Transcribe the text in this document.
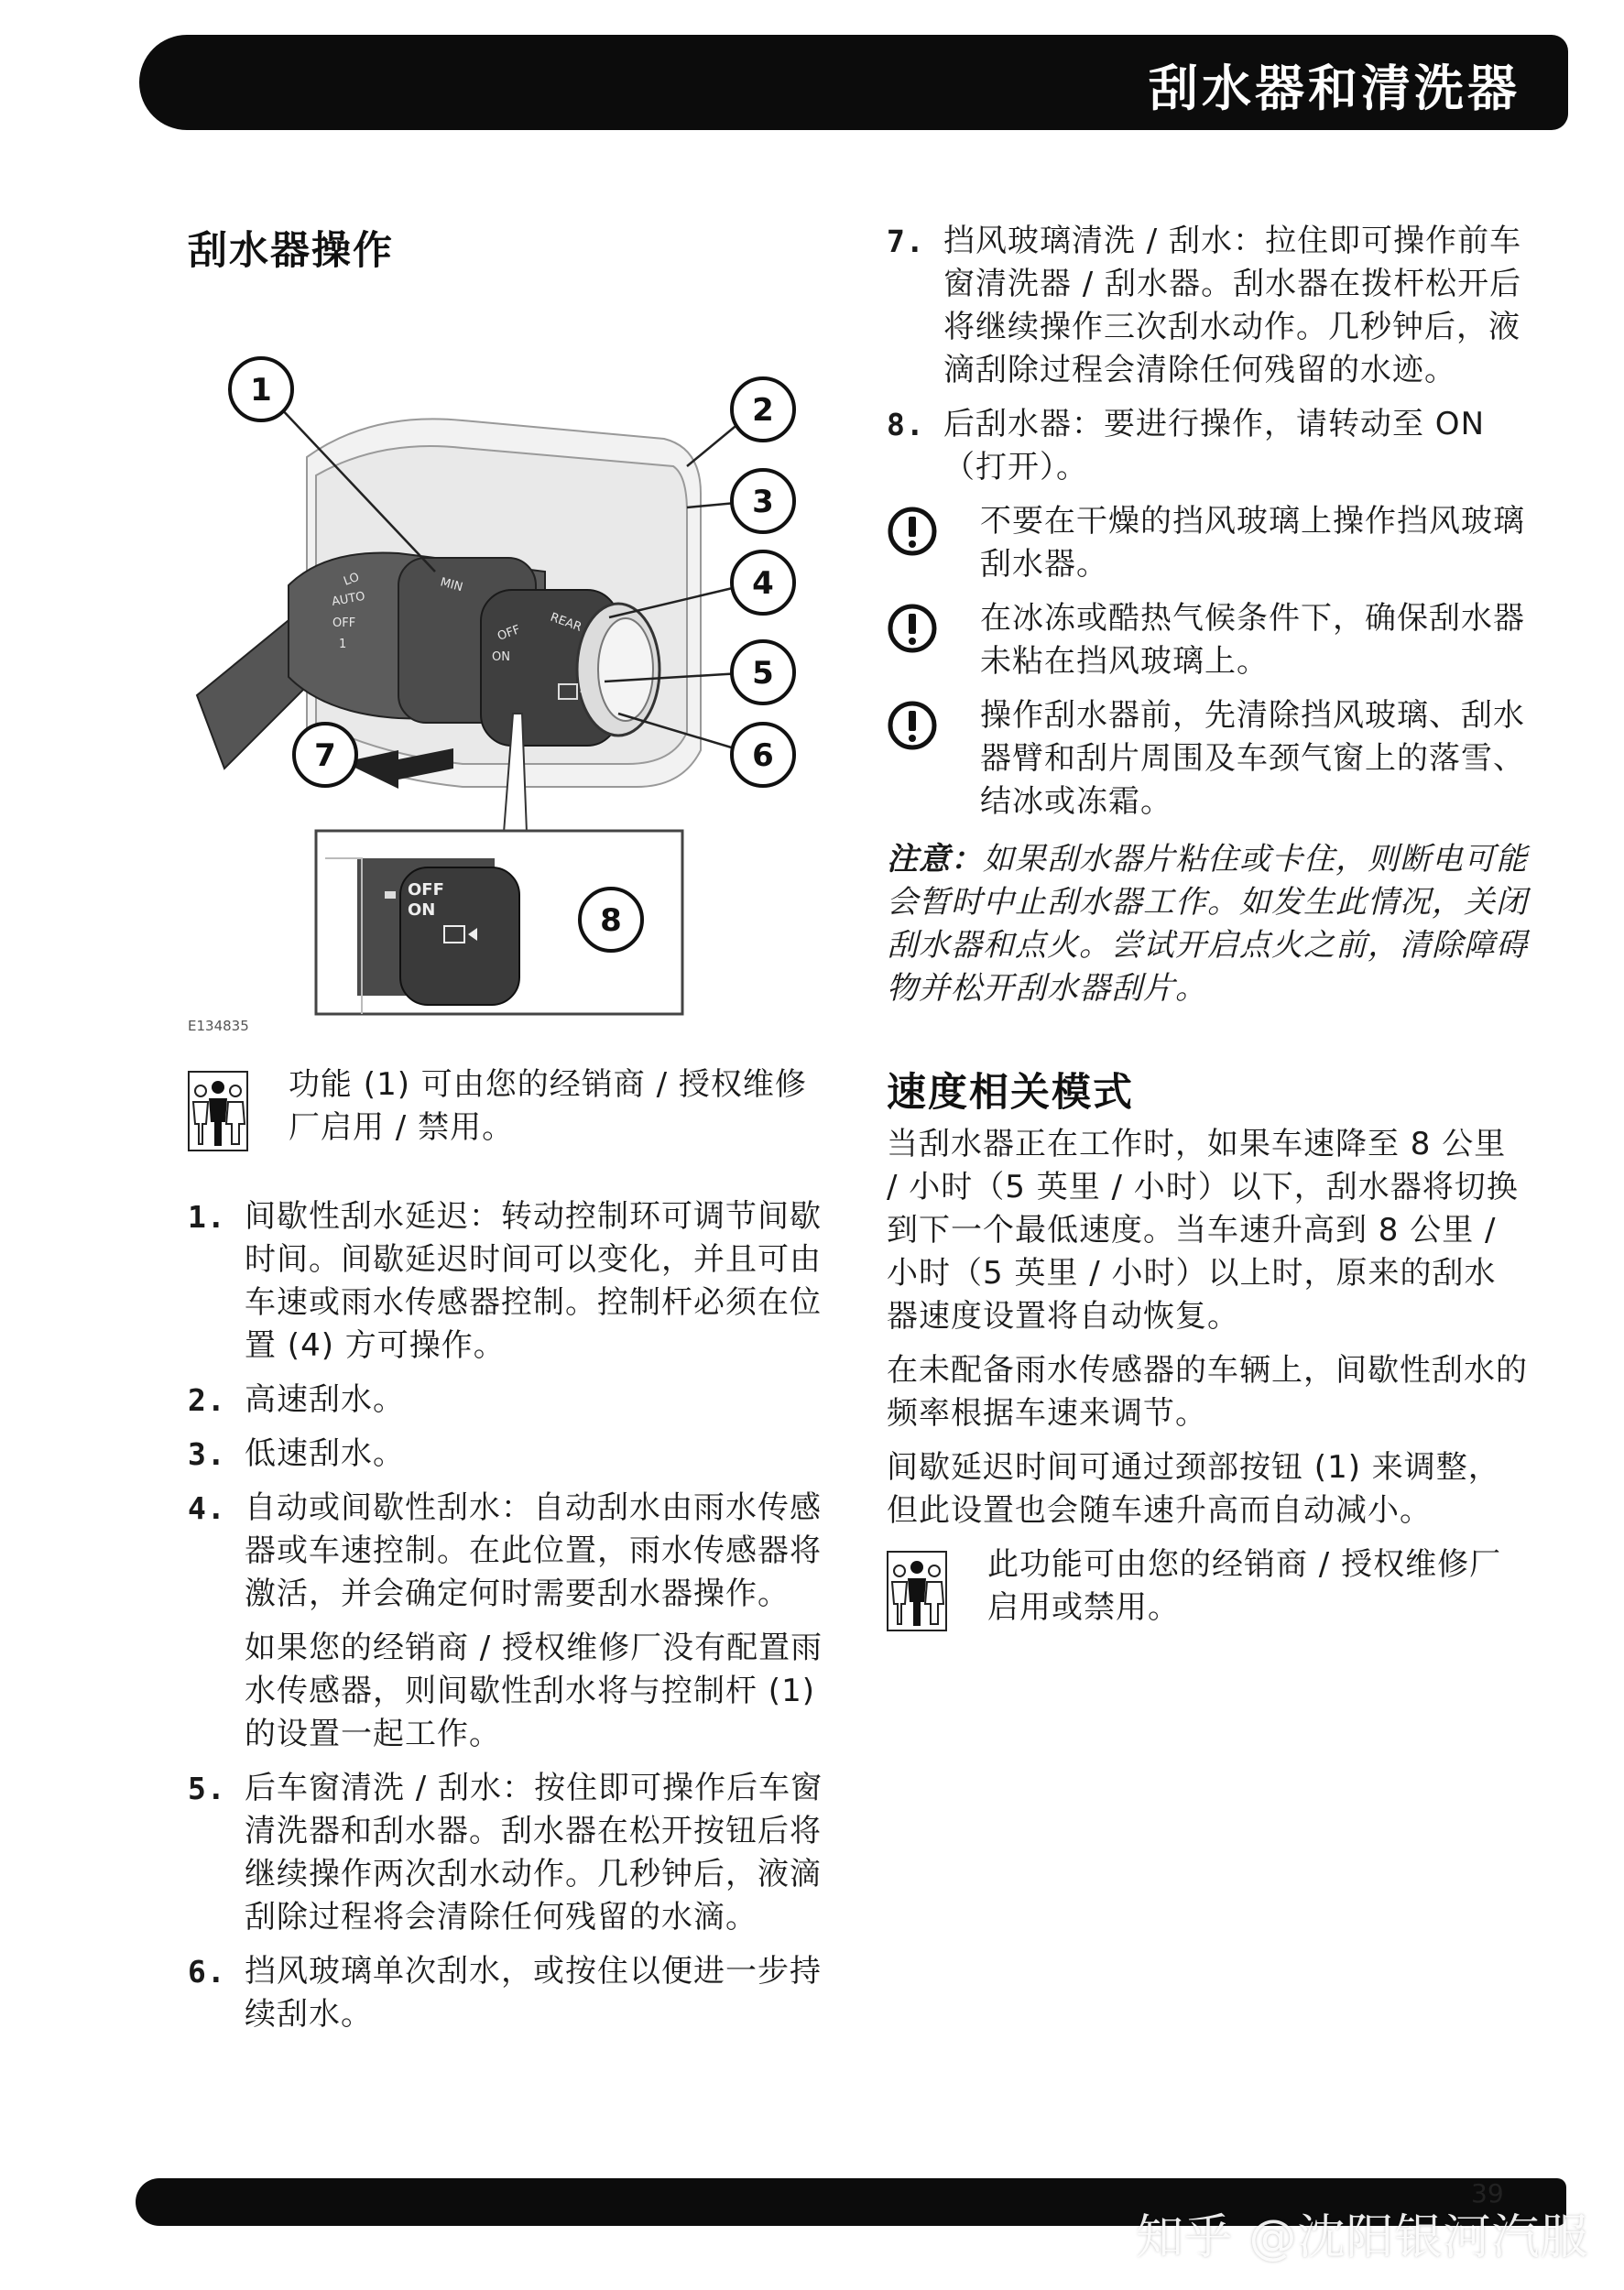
刮水器和清洗器
刮水器操作
LO
AUTO
OFF
1
MIN
OFF
ON
REAR
1
2
3
4
5
6
7
OFF
ON	8
E134835
功能 (1) 可由您的经销商 / 授权维修厂启用 / 禁用。
1. 间歇性刮水延迟：转动控制环可调节间歇时间。间歇延迟时间可以变化，并且可由车速或雨水传感器控制。控制杆必须在位置 (4) 方可操作。
2. 高速刮水。
3. 低速刮水。
4. 自动或间歇性刮水：自动刮水由雨水传感器或车速控制。在此位置，雨水传感器将激活，并会确定何时需要刮水器操作。
如果您的经销商 / 授权维修厂没有配置雨水传感器，则间歇性刮水将与控制杆 (1) 的设置一起工作。
5. 后车窗清洗 / 刮水：按住即可操作后车窗清洗器和刮水器。刮水器在松开按钮后将继续操作两次刮水动作。几秒钟后，液滴刮除过程将会清除任何残留的水滴。
6. 挡风玻璃单次刮水，或按住以便进一步持续刮水。
7. 挡风玻璃清洗 / 刮水：拉住即可操作前车窗清洗器 / 刮水器。刮水器在拨杆松开后将继续操作三次刮水动作。几秒钟后，液滴刮除过程会清除任何残留的水迹。
8. 后刮水器：要进行操作，请转动至 ON（打开）。
不要在干燥的挡风玻璃上操作挡风玻璃刮水器。
在冰冻或酷热气候条件下，确保刮水器未粘在挡风玻璃上。
操作刮水器前，先清除挡风玻璃、刮水器臂和刮片周围及车颈气窗上的落雪、结冰或冻霜。
注意：如果刮水器片粘住或卡住，则断电可能会暂时中止刮水器工作。如发生此情况，关闭刮水器和点火。尝试开启点火之前，清除障碍物并松开刮水器刮片。
速度相关模式

当刮水器正在工作时，如果车速降至 8 公里 / 小时（5 英里 / 小时）以下，刮水器将切换到下一个最低速度。当车速升高到 8 公里 / 小时（5 英里 / 小时）以上时，原来的刮水器速度设置将自动恢复。

在未配备雨水传感器的车辆上，间歇性刮水的频率根据车速来调节。

间歇延迟时间可通过颈部按钮 (1) 来调整，但此设置也会随车速升高而自动减小。

此功能可由您的经销商 / 授权维修厂启用或禁用。
39
知乎 @沈阳银河汽服
